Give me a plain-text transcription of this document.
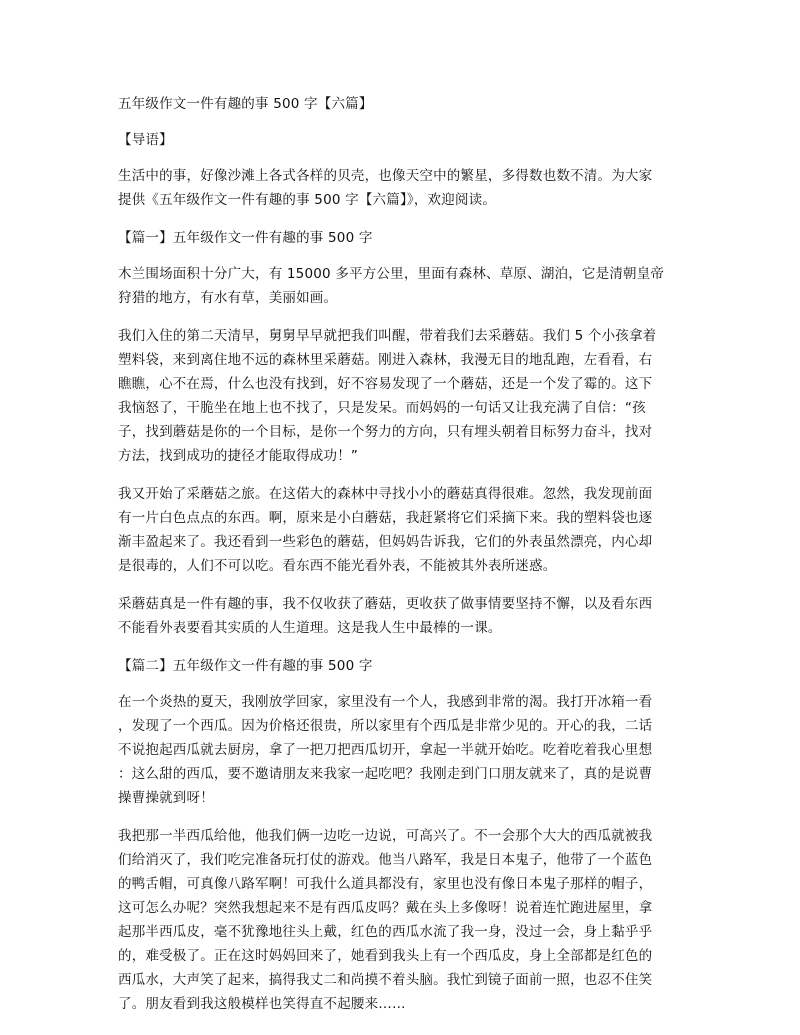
五年级作文一件有趣的事 500 字【六篇】
【导语】
生活中的事，好像沙滩上各式各样的贝壳，也像天空中的繁星，多得数也数不清。为大家
提供《五年级作文一件有趣的事 500 字【六篇】》，欢迎阅读。
【篇一】五年级作文一件有趣的事 500 字
木兰围场面积十分广大，有 15000 多平方公里，里面有森林、草原、湖泊，它是清朝皇帝
狩猎的地方，有水有草，美丽如画。
我们入住的第二天清早，舅舅早早就把我们叫醒，带着我们去采蘑菇。我们 5 个小孩拿着
塑料袋，来到离住地不远的森林里采蘑菇。刚进入森林，我漫无目的地乱跑，左看看，右
瞧瞧，心不在焉，什么也没有找到，好不容易发现了一个蘑菇，还是一个发了霉的。这下
我恼怒了，干脆坐在地上也不找了，只是发呆。而妈妈的一句话又让我充满了自信：“孩
子，找到蘑菇是你的一个目标，是你一个努力的方向，只有埋头朝着目标努力奋斗，找对
方法，找到成功的捷径才能取得成功！”
我又开始了采蘑菇之旅。在这偌大的森林中寻找小小的蘑菇真得很难。忽然，我发现前面
有一片白色点点的东西。啊，原来是小白蘑菇，我赶紧将它们采摘下来。我的塑料袋也逐
渐丰盈起来了。我还看到一些彩色的蘑菇，但妈妈告诉我，它们的外表虽然漂亮，内心却
是很毒的，人们不可以吃。看东西不能光看外表，不能被其外表所迷惑。
采蘑菇真是一件有趣的事，我不仅收获了蘑菇，更收获了做事情要坚持不懈，以及看东西
不能看外表要看其实质的人生道理。这是我人生中最棒的一课。
【篇二】五年级作文一件有趣的事 500 字
在一个炎热的夏天，我刚放学回家，家里没有一个人，我感到非常的渴。我打开冰箱一看
，发现了一个西瓜。因为价格还很贵，所以家里有个西瓜是非常少见的。开心的我，二话
不说抱起西瓜就去厨房，拿了一把刀把西瓜切开，拿起一半就开始吃。吃着吃着我心里想
：这么甜的西瓜，要不邀请朋友来我家一起吃吧？我刚走到门口朋友就来了，真的是说曹
操曹操就到呀！
我把那一半西瓜给他，他我们俩一边吃一边说，可高兴了。不一会那个大大的西瓜就被我
们给消灭了，我们吃完准备玩打仗的游戏。他当八路军，我是日本鬼子，他带了一个蓝色
的鸭舌帽，可真像八路军啊！可我什么道具都没有，家里也没有像日本鬼子那样的帽子，
这可怎么办呢？突然我想起来不是有西瓜皮吗？戴在头上多像呀！说着连忙跑进屋里，拿
起那半西瓜皮，毫不犹豫地往头上戴，红色的西瓜水流了我一身，没过一会，身上黏乎乎
的，难受极了。正在这时妈妈回来了，她看到我头上有一个西瓜皮，身上全部都是红色的
西瓜水，大声笑了起来，搞得我丈二和尚摸不着头脑。我忙到镜子面前一照，也忍不住笑
了。朋友看到我这般模样也笑得直不起腰来……
